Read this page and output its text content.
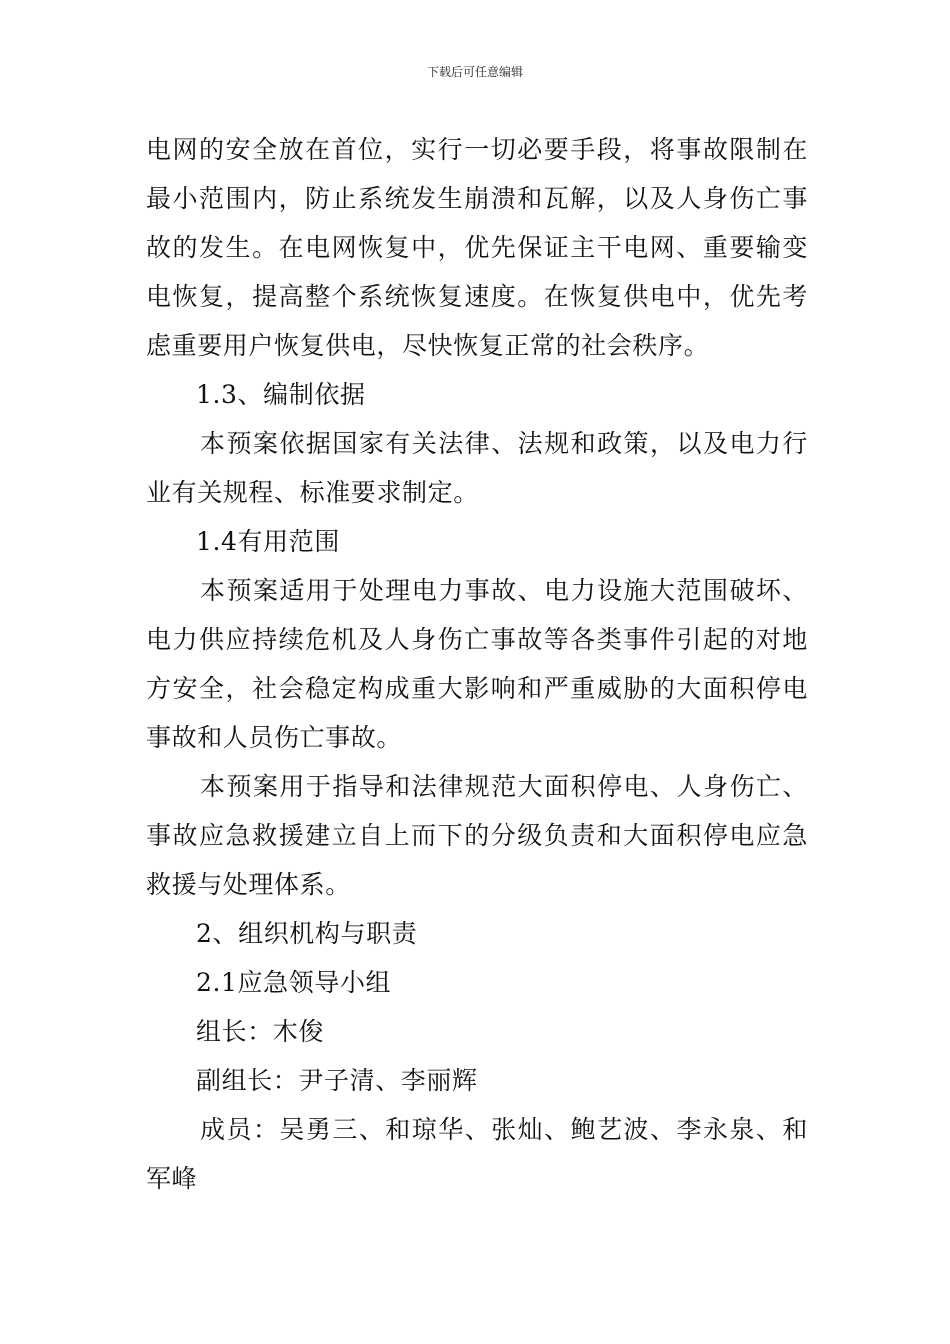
下载后可任意编辑

电网的安全放在首位，实行一切必要手段，将事故限制在最小范围内，防止系统发生崩溃和瓦解，以及人身伤亡事故的发生。在电网恢复中，优先保证主干电网、重要输变电恢复，提高整个系统恢复速度。在恢复供电中，优先考虑重要用户恢复供电，尽快恢复正常的社会秩序。

1.3、编制依据

本预案依据国家有关法律、法规和政策，以及电力行业有关规程、标准要求制定。

1.4有用范围

本预案适用于处理电力事故、电力设施大范围破坏、电力供应持续危机及人身伤亡事故等各类事件引起的对地方安全，社会稳定构成重大影响和严重威胁的大面积停电事故和人员伤亡事故。

本预案用于指导和法律规范大面积停电、人身伤亡、事故应急救援建立自上而下的分级负责和大面积停电应急救援与处理体系。

2、组织机构与职责

2.1应急领导小组

组长：木俊

副组长：尹子清、李丽辉

成员：吴勇三、和琼华、张灿、鲍艺波、李永泉、和军峰
